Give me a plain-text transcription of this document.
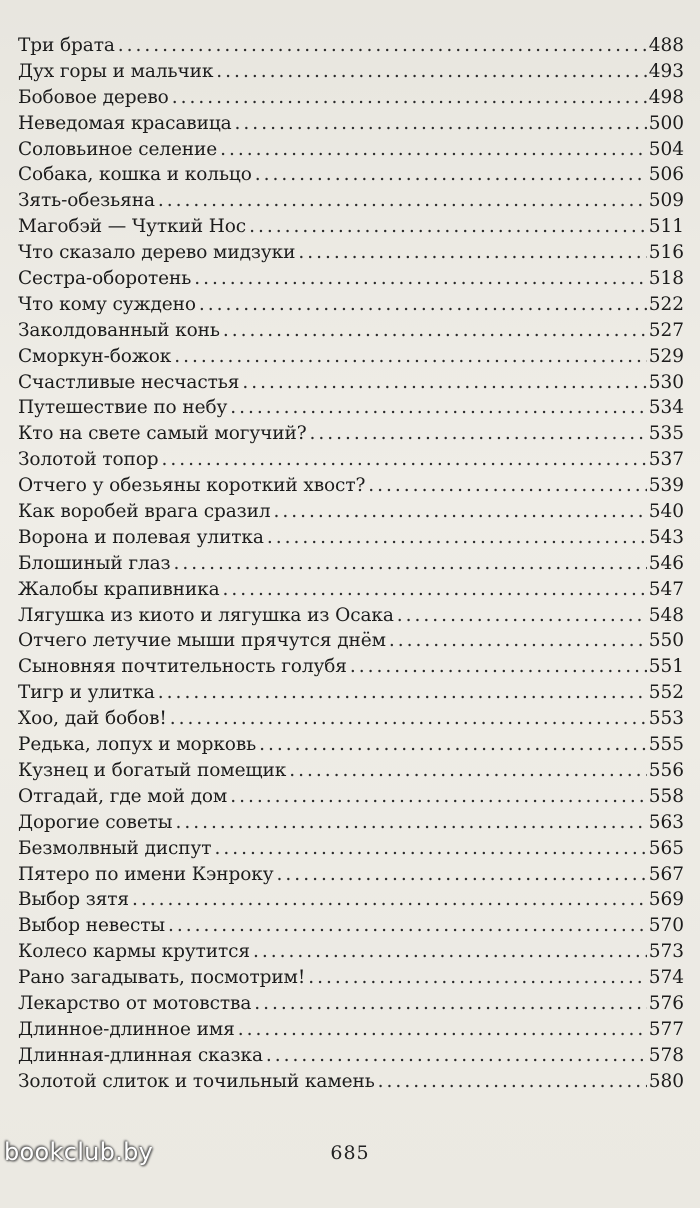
Три брата .....	488
Дух горы и мальчик .....	493
Бобовое дерево .....	498
Неведомая красавица .....	500
Соловьиное селение .....	504
Собака, кошка и кольцо .....	506
Зять-обезьяна .....	509
Магобэй — Чуткий Нос .....	511
Что сказало дерево мидзуки .....	516
Сестра-оборотень .....	518
Что кому суждено .....	522
Заколдованный конь .....	527
Сморкун-божок .....	529
Счастливые несчастья .....	530
Путешествие по небу .....	534
Кто на свете самый могучий? .....	535
Золотой топор .....	537
Отчего у обезьяны короткий хвост? .....	539
Как воробей врага сразил .....	540
Ворона и полевая улитка .....	543
Блошиный глаз .....	546
Жалобы крапивника .....	547
Лягушка из киото и лягушка из Осака .....	548
Отчего летучие мыши прячутся днём .....	550
Сыновняя почтительность голубя .....	551
Тигр и улитка .....	552
Хоо, дай бобов! .....	553
Редька, лопух и морковь .....	555
Кузнец и богатый помещик .....	556
Отгадай, где мой дом .....	558
Дорогие советы .....	563
Безмолвный диспут .....	565
Пятеро по имени Кэнроку .....	567
Выбор зятя .....	569
Выбор невесты .....	570
Колесо кармы крутится .....	573
Рано загадывать, посмотрим! .....	574
Лекарство от мотовства .....	576
Длинное-длинное имя .....	577
Длинная-длинная сказка .....	578
Золотой слиток и точильный камень .....	580
685
bookclub.by
